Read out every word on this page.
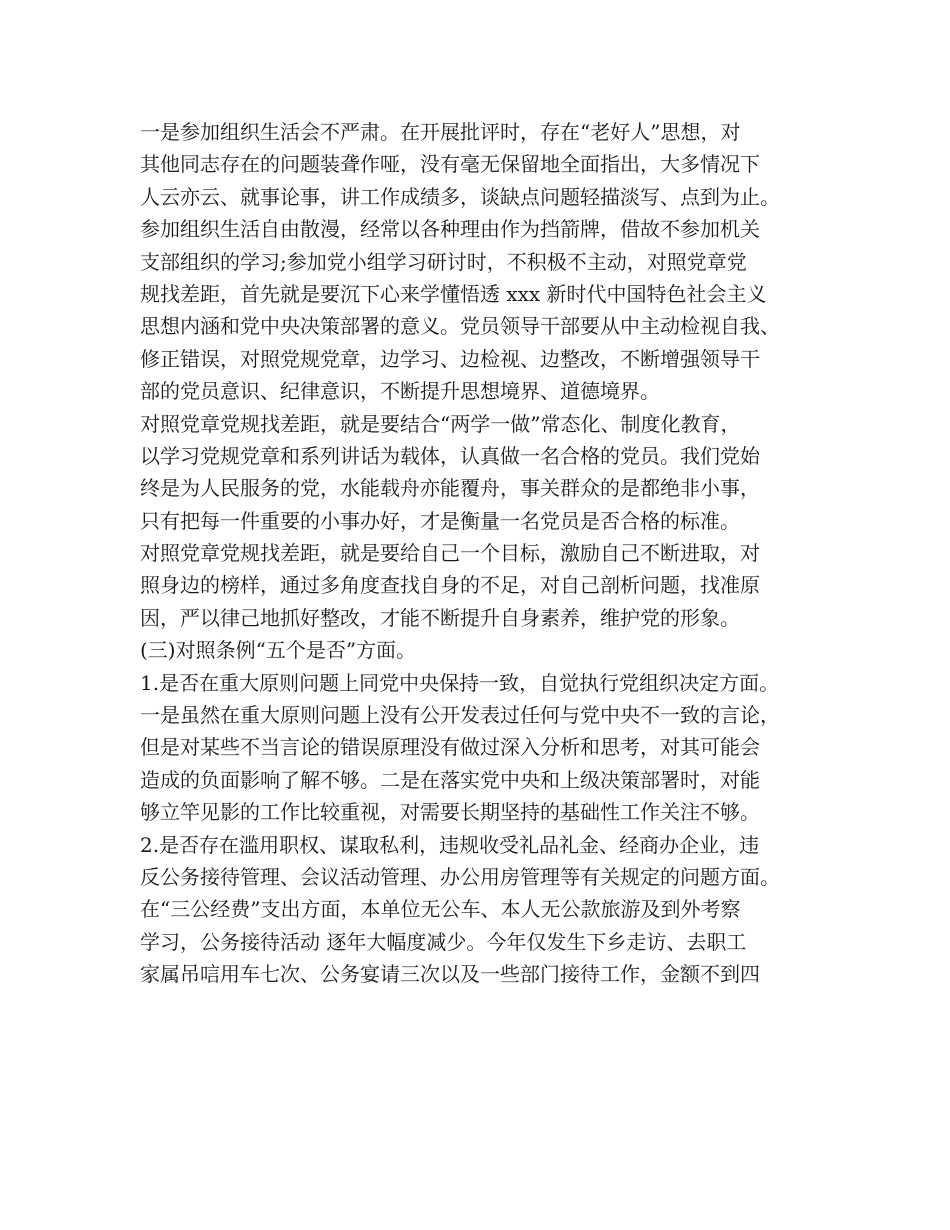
一是参加组织生活会不严肃。在开展批评时，存在“老好人”思想，对
其他同志存在的问题装聋作哑，没有毫无保留地全面指出，大多情况下
人云亦云、就事论事，讲工作成绩多，谈缺点问题轻描淡写、点到为止。
参加组织生活自由散漫，经常以各种理由作为挡箭牌，借故不参加机关
支部组织的学习;参加党小组学习研讨时，不积极不主动，对照党章党
规找差距，首先就是要沉下心来学懂悟透 xxx 新时代中国特色社会主义
思想内涵和党中央决策部署的意义。党员领导干部要从中主动检视自我、
修正错误，对照党规党章，边学习、边检视、边整改，不断增强领导干
部的党员意识、纪律意识，不断提升思想境界、道德境界。
对照党章党规找差距，就是要结合“两学一做”常态化、制度化教育，
以学习党规党章和系列讲话为载体，认真做一名合格的党员。我们党始
终是为人民服务的党，水能载舟亦能覆舟，事关群众的是都绝非小事，
只有把每一件重要的小事办好，才是衡量一名党员是否合格的标准。
对照党章党规找差距，就是要给自己一个目标，激励自己不断进取，对
照身边的榜样，通过多角度查找自身的不足，对自己剖析问题，找准原
因，严以律己地抓好整改，才能不断提升自身素养，维护党的形象。
(三)对照条例“五个是否”方面。
1.是否在重大原则问题上同党中央保持一致，自觉执行党组织决定方面。
一是虽然在重大原则问题上没有公开发表过任何与党中央不一致的言论，
但是对某些不当言论的错误原理没有做过深入分析和思考，对其可能会
造成的负面影响了解不够。二是在落实党中央和上级决策部署时，对能
够立竿见影的工作比较重视，对需要长期坚持的基础性工作关注不够。
2.是否存在滥用职权、谋取私利，违规收受礼品礼金、经商办企业，违
反公务接待管理、会议活动管理、办公用房管理等有关规定的问题方面。
在“三公经费”支出方面，本单位无公车、本人无公款旅游及到外考察
学习，公务接待活动 逐年大幅度减少。今年仅发生下乡走访、去职工
家属吊唁用车七次、公务宴请三次以及一些部门接待工作，金额不到四
